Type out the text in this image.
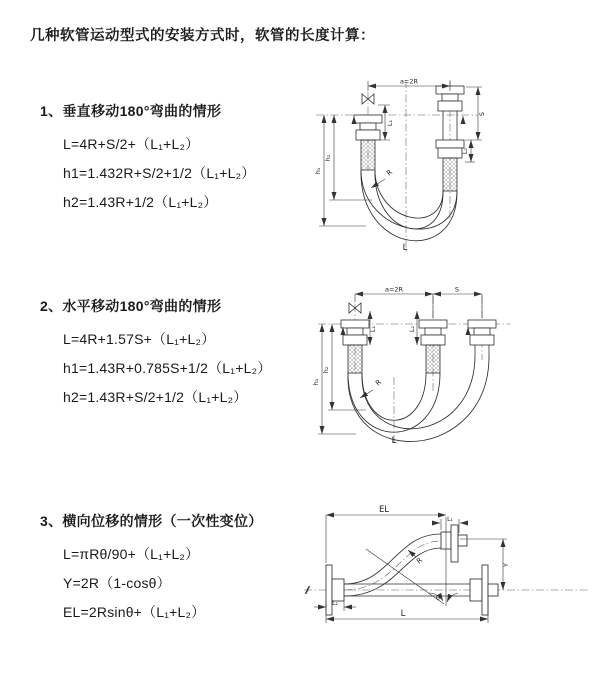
几种软管运动型式的安装方式时，软管的长度计算：
1、垂直移动180°弯曲的情形
L=4R+S/2+（L₁+L₂）
h1=1.432R+S/2+1/2（L₁+L₂）
h2=1.43R+1/2（L₁+L₂）
2、水平移动180°弯曲的情形
L=4R+1.57S+（L₁+L₂）
h1=1.43R+0.785S+1/2（L₁+L₂）
h2=1.43R+S/2+1/2（L₁+L₂）
3、横向位移的情形（一次性变位）
L=πRθ/90+（L₁+L₂）
Y=2R（1-cosθ）
EL=2Rsinθ+（L₁+L₂）
a=2R
S
L₂
h₁
h₂
L₁
R
L
a=2R	S
h₁
h₂
L₁	L₂
R
L
EL
L₁
Y
L
L₂
θ
R
